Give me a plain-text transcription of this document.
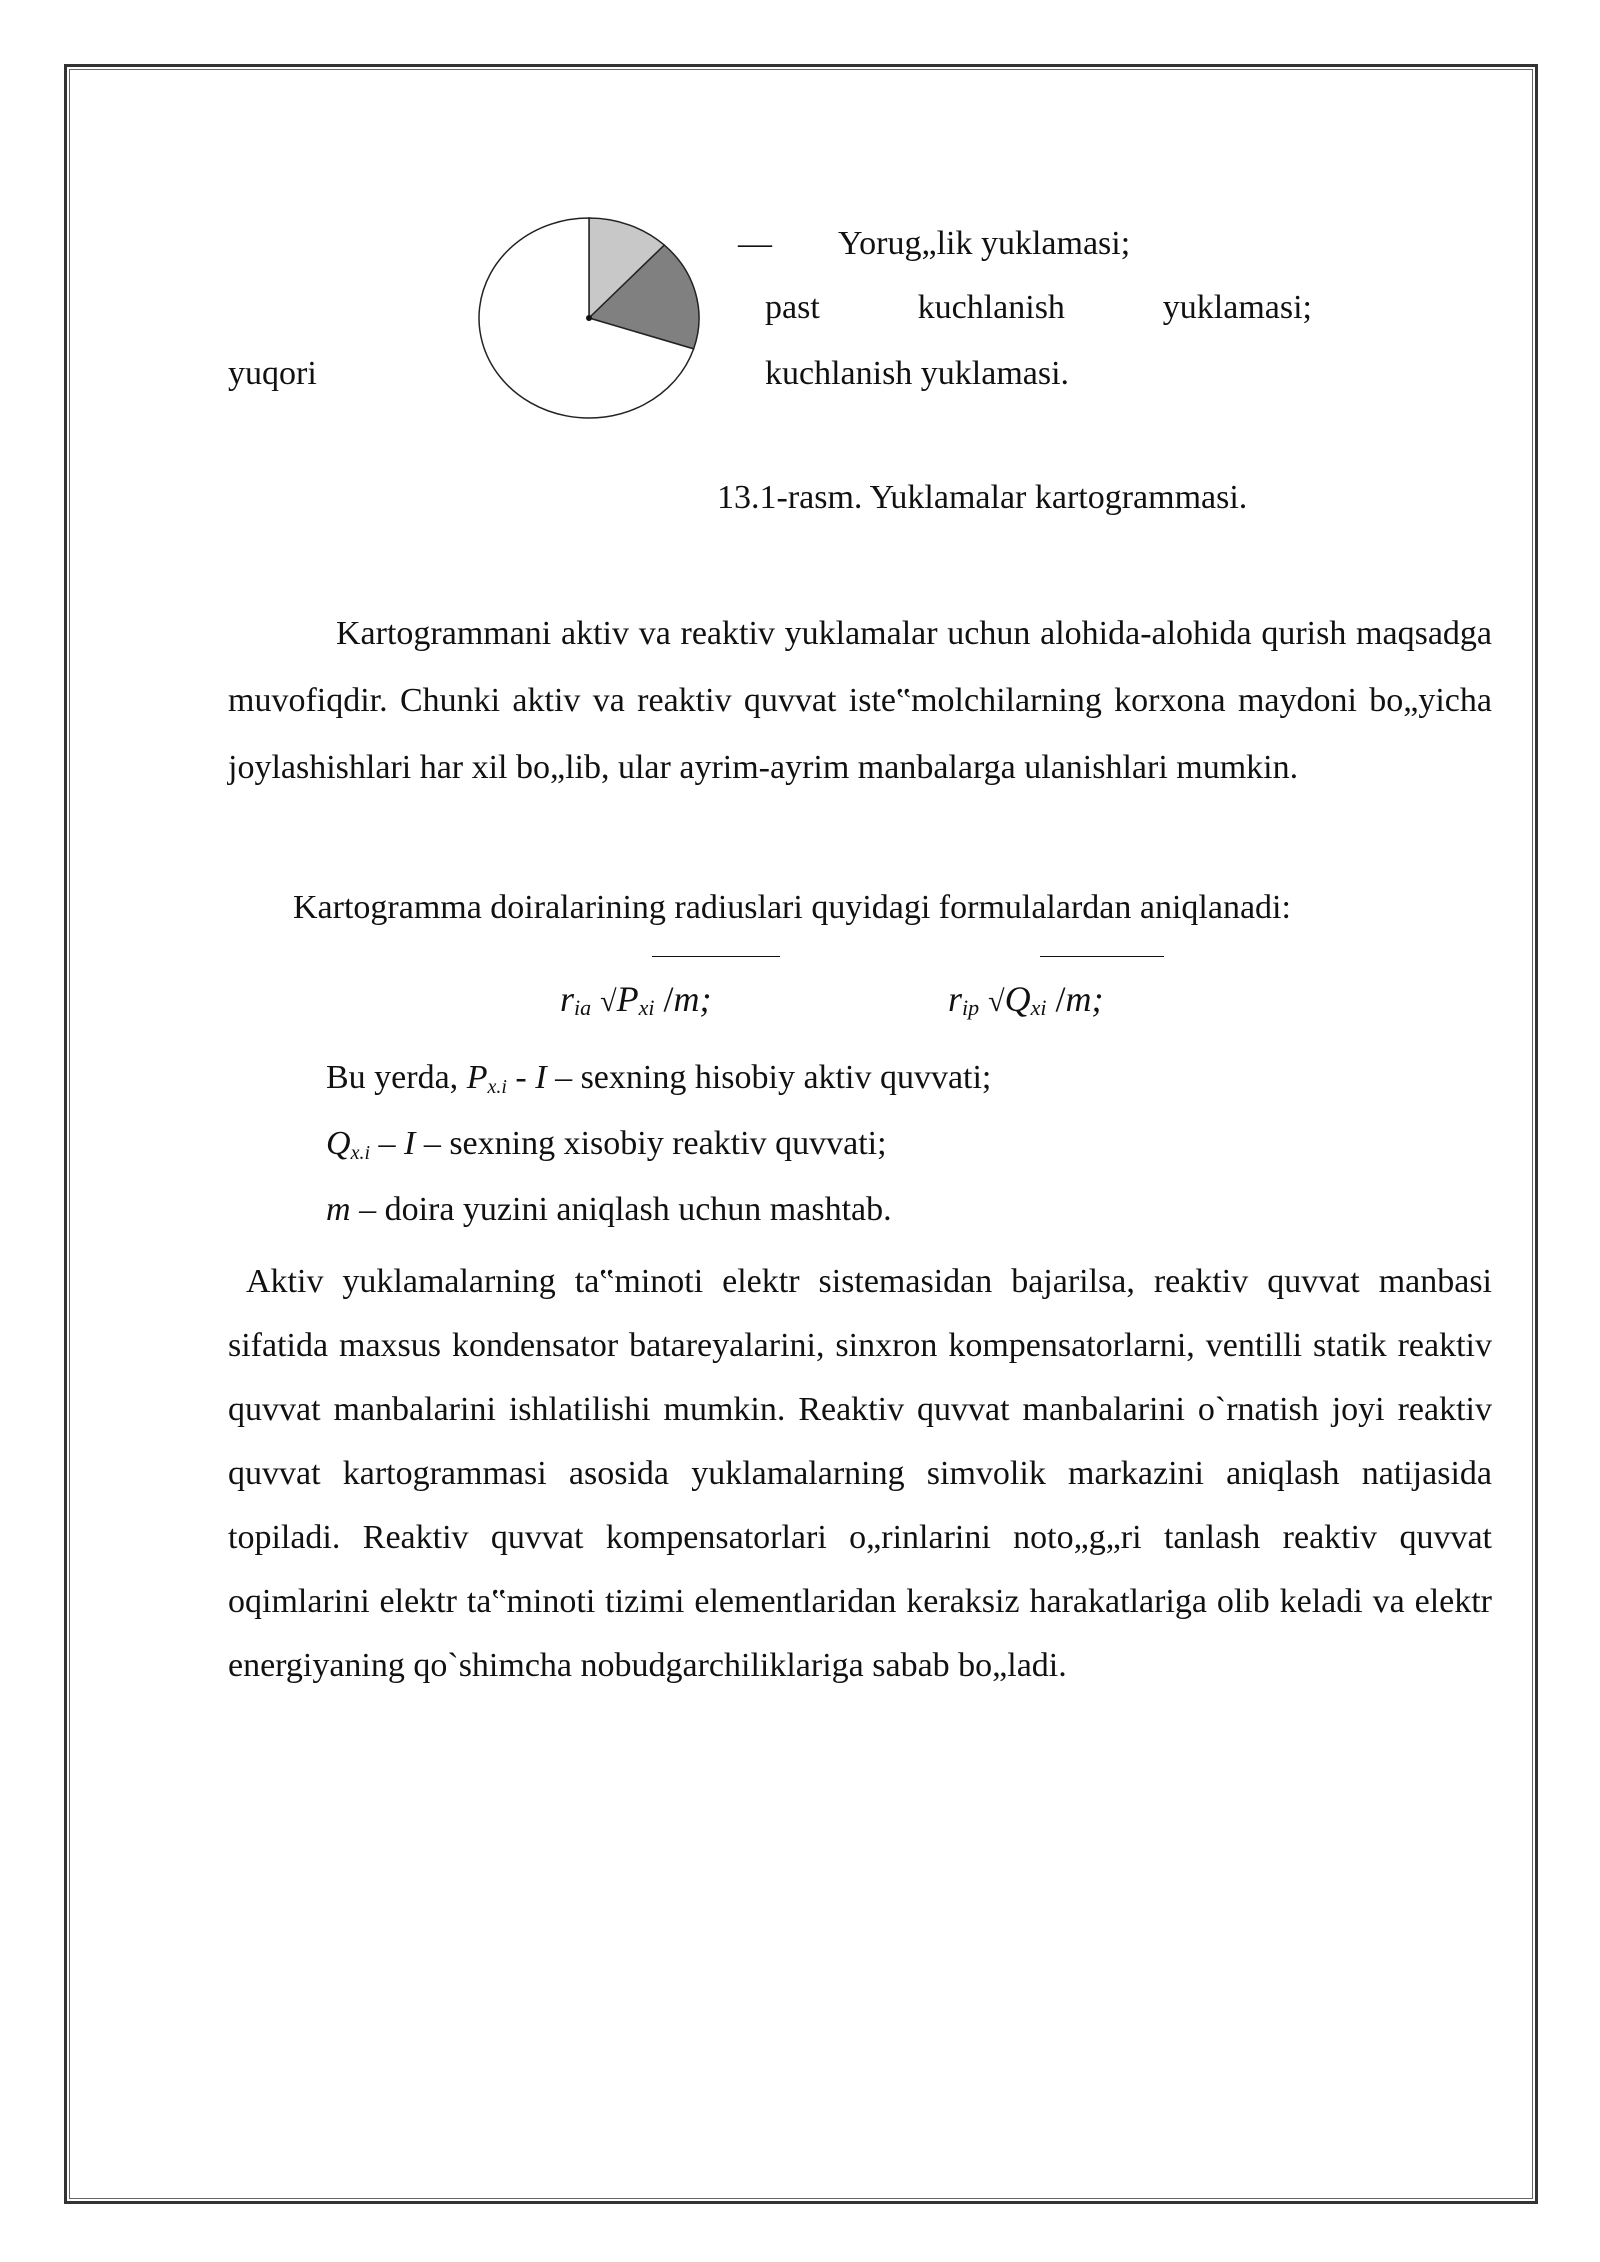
— Yorug„lik yuklamasi;
past	kuchlanish	yuklamasi;
yuqori	kuchlanish yuklamasi.
13.1-rasm. Yuklamalar kartogrammasi.
Kartogrammani aktiv va reaktiv yuklamalar uchun alohida-alohida qurish maqsadga muvofiqdir. Chunki aktiv va reaktiv quvvat iste‟molchilarning korxona maydoni bo„yicha joylashishlari har xil bo„lib, ular ayrim-ayrim manbalarga ulanishlari mumkin.
Kartogramma doiralarining radiuslari quyidagi formulalardan aniqlanadi:
$r_{ia}$ $√P_{xi}$ /m;	$r_{ip}$ $√Q_{xi}$ /m;
Bu yerda, $P_{x.i}$ - I – sexning hisobiy aktiv quvvati;
$Q_{x.i}$ – I – sexning xisobiy reaktiv quvvati;
m – doira yuzini aniqlash uchun mashtab.
Aktiv yuklamalarning ta‟minoti elektr sistemasidan bajarilsa, reaktiv quvvat manbasi sifatida maxsus kondensator batareyalarini, sinxron kompensatorlarni, ventilli statik reaktiv quvvat manbalarini ishlatilishi mumkin. Reaktiv quvvat manbalarini o`rnatish joyi reaktiv quvvat kartogrammasi asosida yuklamalarning simvolik markazini aniqlash natijasida topiladi. Reaktiv quvvat kompensatorlari o„rinlarini noto„g„ri tanlash reaktiv quvvat oqimlarini elektr ta‟minoti tizimi elementlaridan keraksiz harakatlariga olib keladi va elektr energiyaning qo`shimcha nobudgarchiliklariga sabab bo„ladi.
